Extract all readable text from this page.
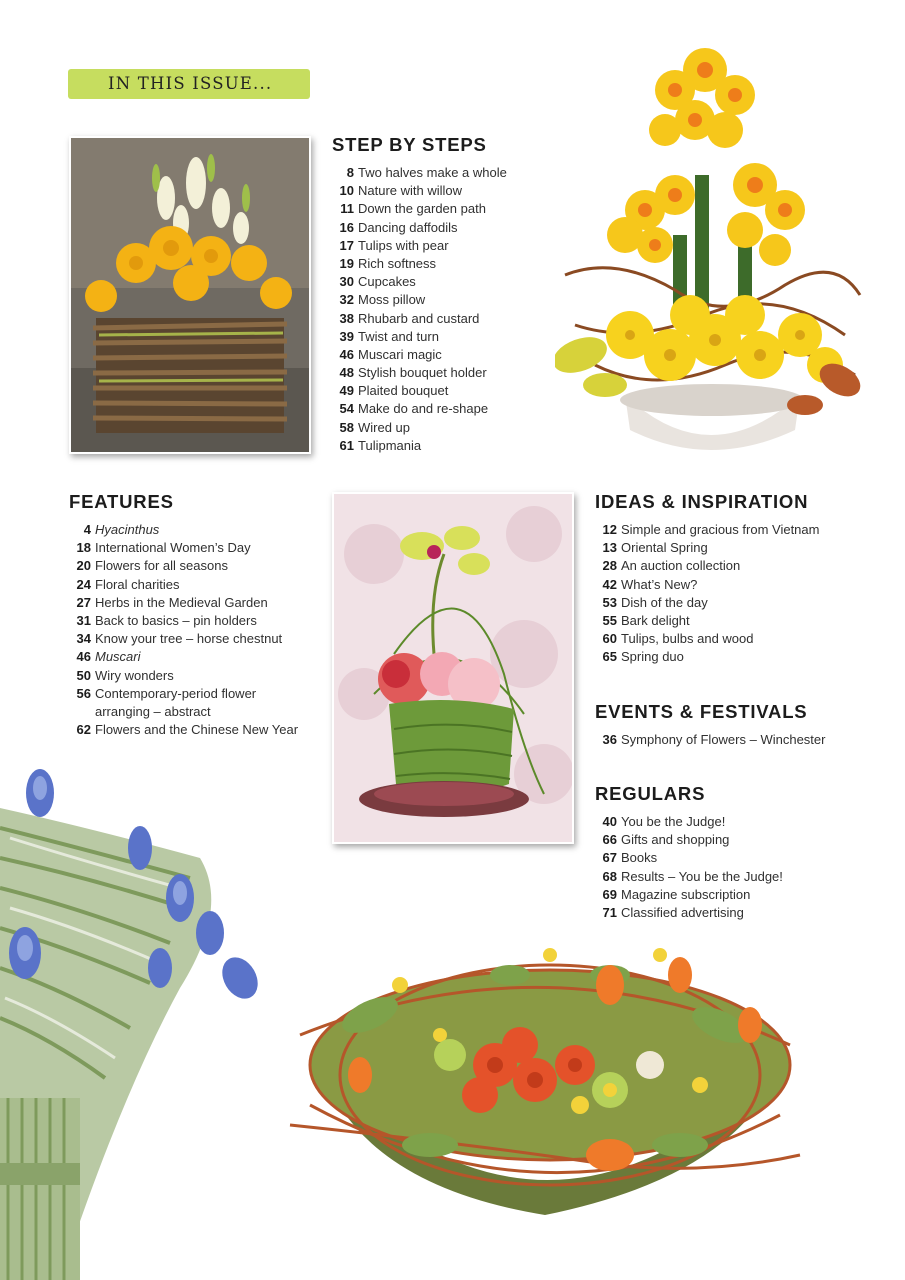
IN THIS ISSUE...
STEP BY STEPS
8 Two halves make a whole
10 Nature with willow
11 Down the garden path
16 Dancing daffodils
17 Tulips with pear
19 Rich softness
30 Cupcakes
32 Moss pillow
38 Rhubarb and custard
39 Twist and turn
46 Muscari magic
48 Stylish bouquet holder
49 Plaited bouquet
54 Make do and re-shape
58 Wired up
61 Tulipmania
FEATURES
4 Hyacinthus
18 International Women’s Day
20 Flowers for all seasons
24 Floral charities
27 Herbs in the Medieval Garden
31 Back to basics – pin holders
34 Know your tree – horse chestnut
46 Muscari
50 Wiry wonders
56 Contemporary-period flower arranging – abstract
62 Flowers and the Chinese New Year
IDEAS & INSPIRATION
12 Simple and gracious from Vietnam
13 Oriental Spring
28 An auction collection
42 What’s New?
53 Dish of the day
55 Bark delight
60 Tulips, bulbs and wood
65 Spring duo
EVENTS & FESTIVALS
36 Symphony of Flowers – Winchester
REGULARS
40 You be the Judge!
66 Gifts and shopping
67 Books
68 Results – You be the Judge!
69 Magazine subscription
71 Classified advertising
